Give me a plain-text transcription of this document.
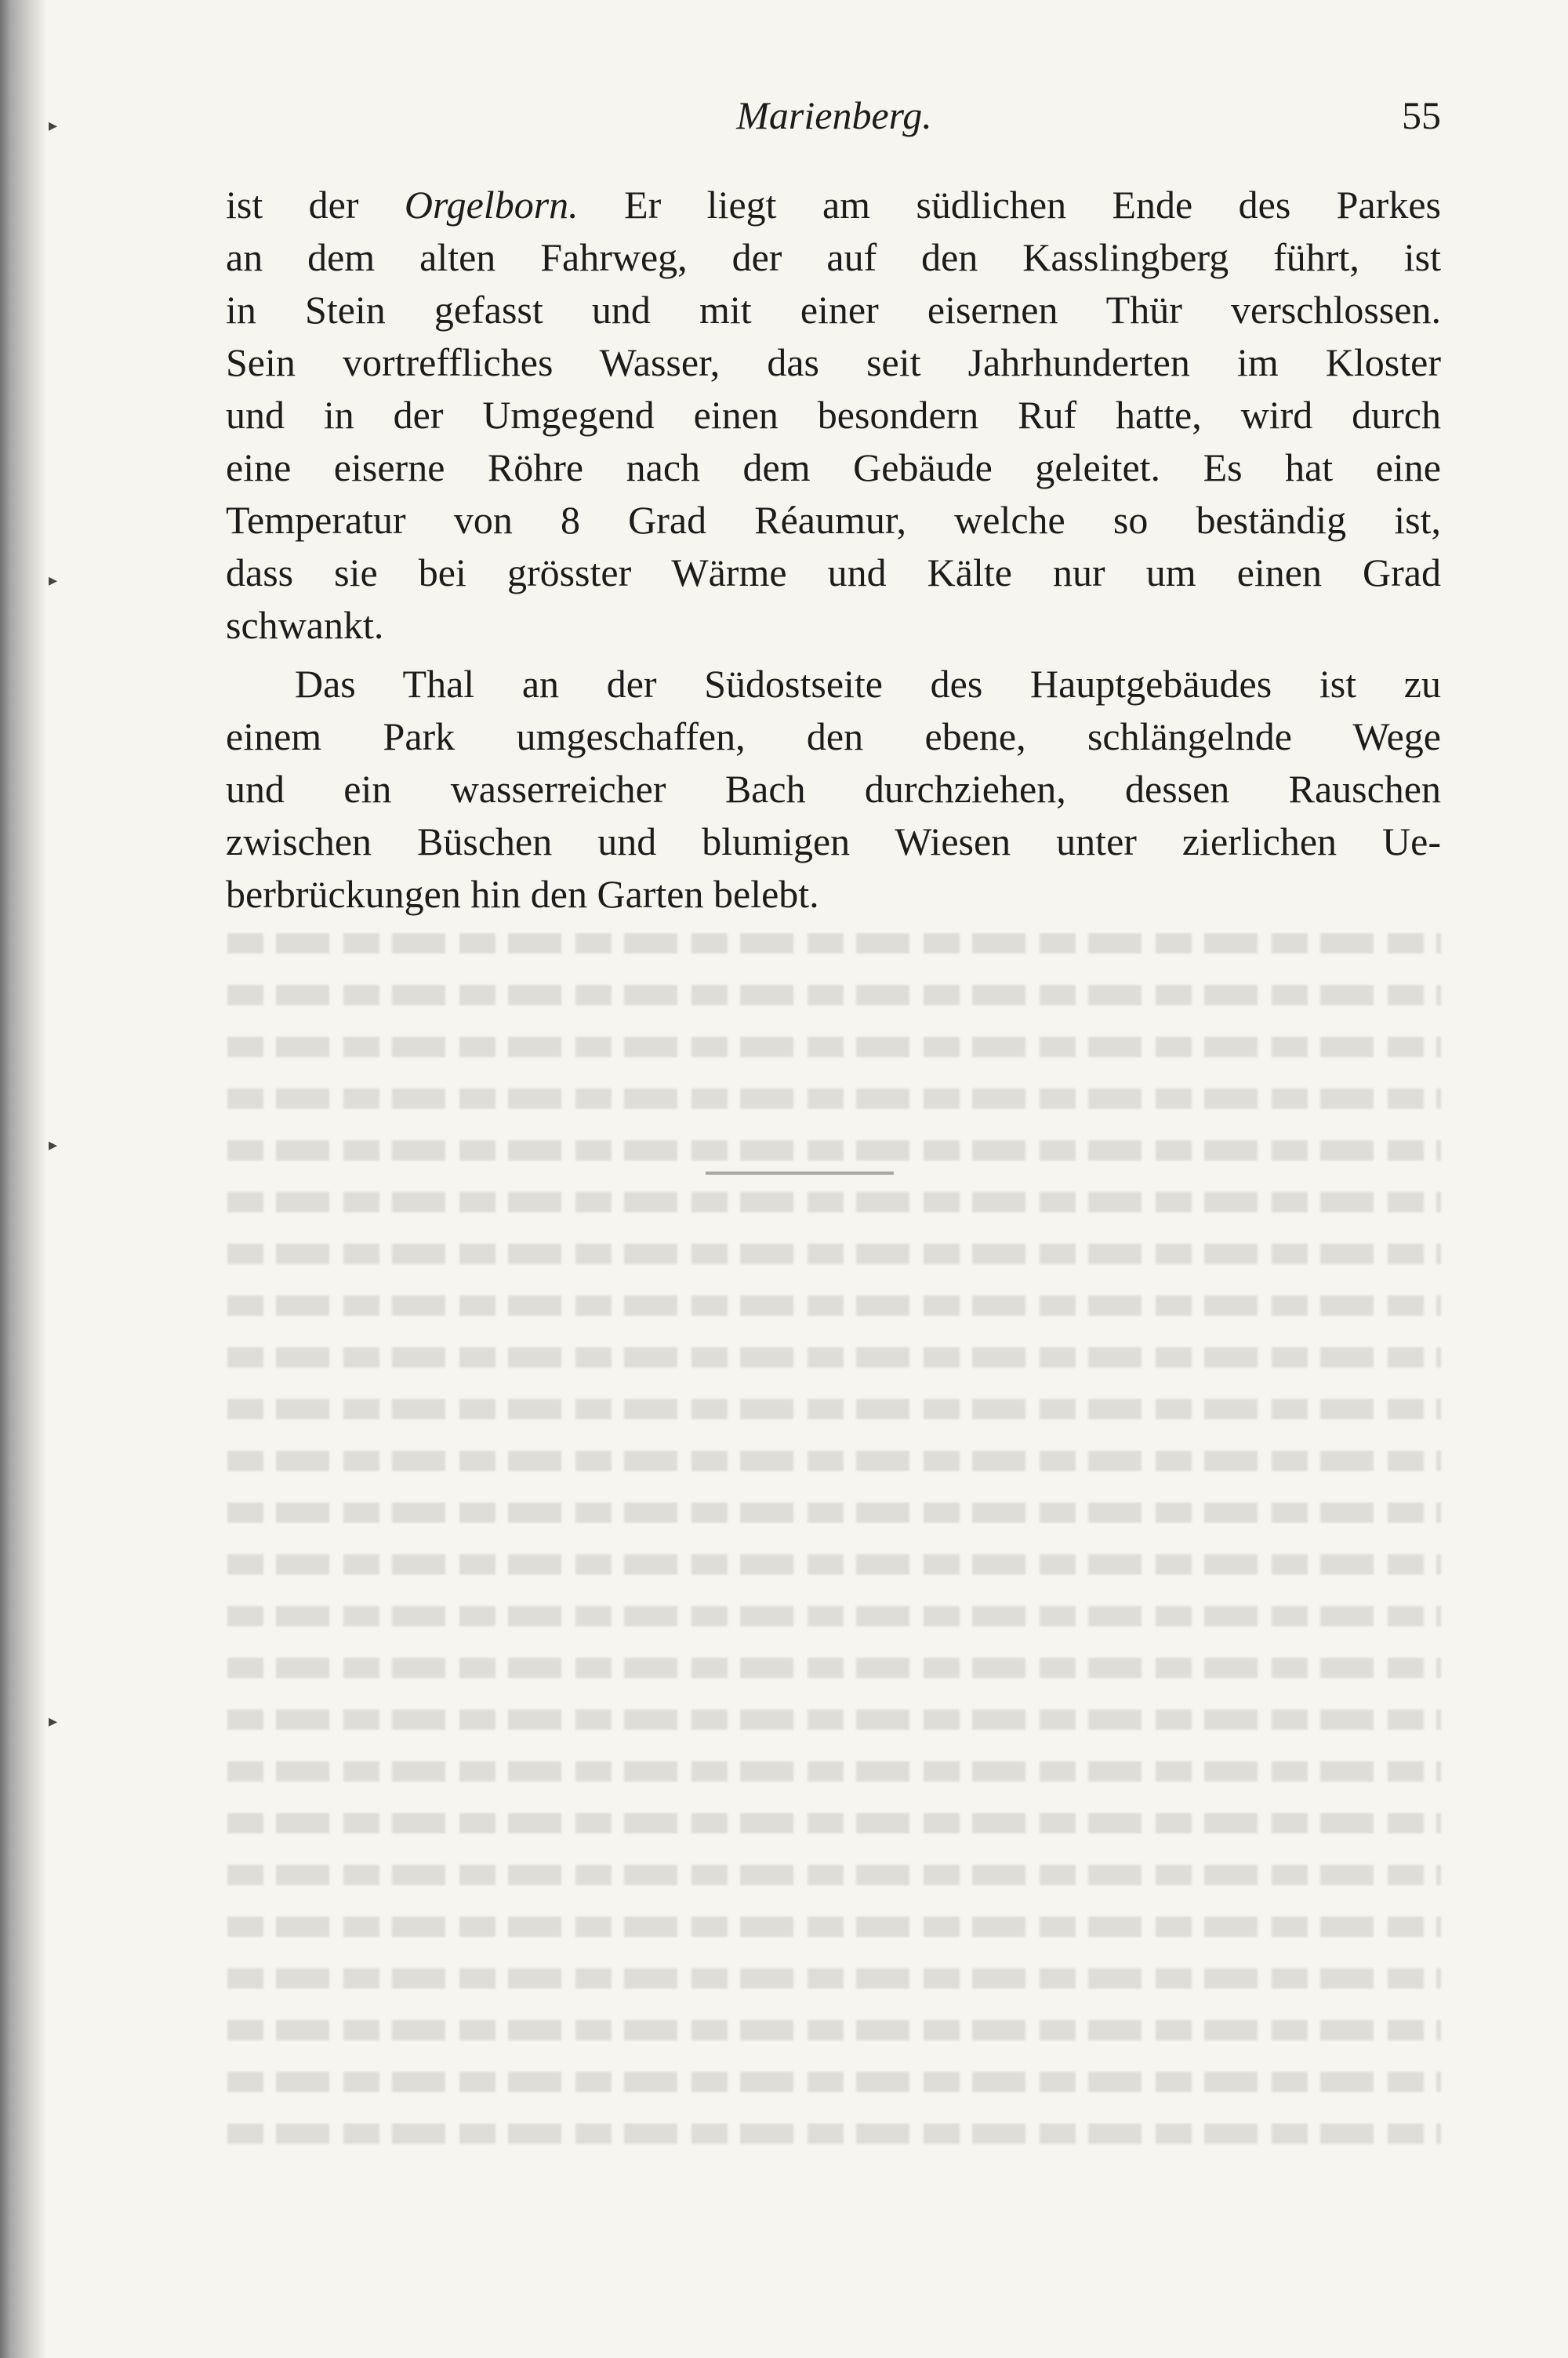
Marienberg.	55
▸
▸
▸
▸
ist der Orgelborn. Er liegt am südlichen Ende des Parkes
an dem alten Fahrweg, der auf den Kasslingberg führt, ist
in Stein gefasst und mit einer eisernen Thür verschlossen.
Sein vortreffliches Wasser, das seit Jahrhunderten im Kloster
und in der Umgegend einen besondern Ruf hatte, wird durch
eine eiserne Röhre nach dem Gebäude geleitet. Es hat eine
Temperatur von 8 Grad Réaumur, welche so beständig ist,
dass sie bei grösster Wärme und Kälte nur um einen Grad
schwankt.
Das Thal an der Südostseite des Hauptgebäudes ist zu
einem Park umgeschaffen, den ebene, schlängelnde Wege
und ein wasserreicher Bach durchziehen, dessen Rauschen
zwischen Büschen und blumigen Wiesen unter zierlichen Ue-
berbrückungen hin den Garten belebt.
